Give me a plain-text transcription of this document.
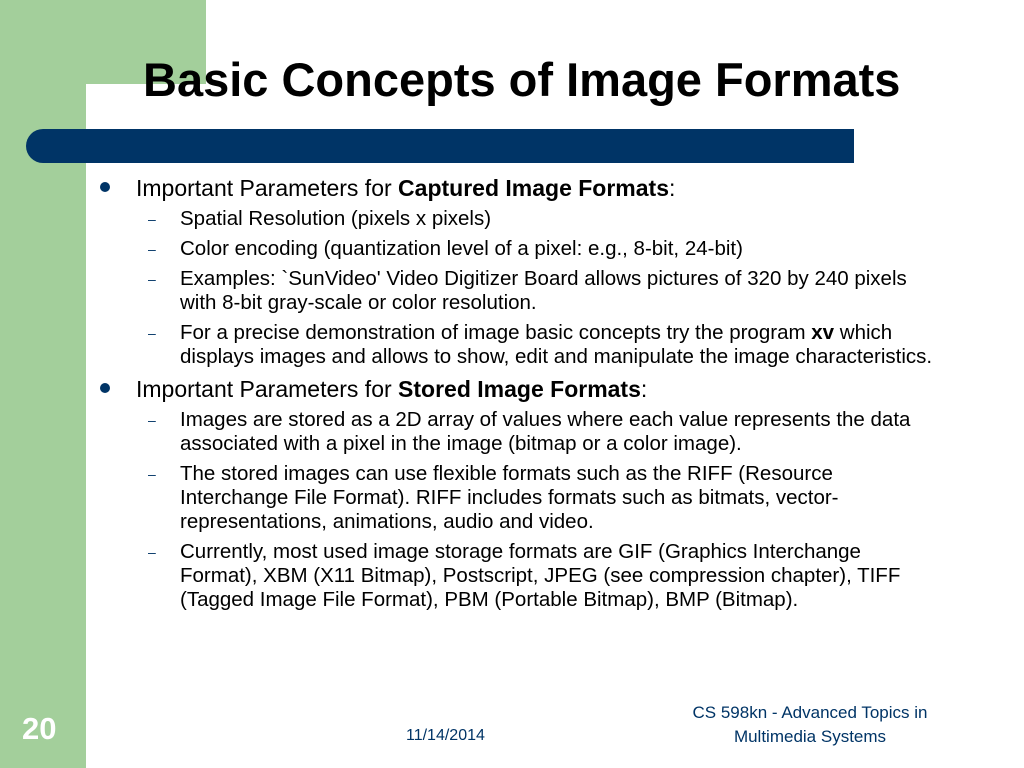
Basic Concepts of Image Formats
Important Parameters for Captured Image Formats:
– Spatial Resolution (pixels x pixels)
– Color encoding (quantization level of a pixel: e.g., 8-bit, 24-bit)
– Examples: `SunVideo' Video Digitizer Board allows pictures of 320 by 240 pixels with 8-bit gray-scale or color resolution.
– For a precise demonstration of image basic concepts try the program xv which displays images and allows to show, edit and manipulate the image characteristics.
Important Parameters for Stored Image Formats:
– Images are stored as a 2D array of values where each value represents the data associated with a pixel in the image (bitmap or a color image).
– The stored images can use flexible formats such as the RIFF (Resource Interchange File Format). RIFF includes formats such as bitmats, vector-representations, animations, audio and video.
– Currently, most used image storage formats are GIF (Graphics Interchange Format), XBM (X11 Bitmap), Postscript, JPEG (see compression chapter), TIFF (Tagged Image File Format), PBM (Portable Bitmap), BMP (Bitmap).
20	11/14/2014
CS 598kn - Advanced Topics in
Multimedia Systems
